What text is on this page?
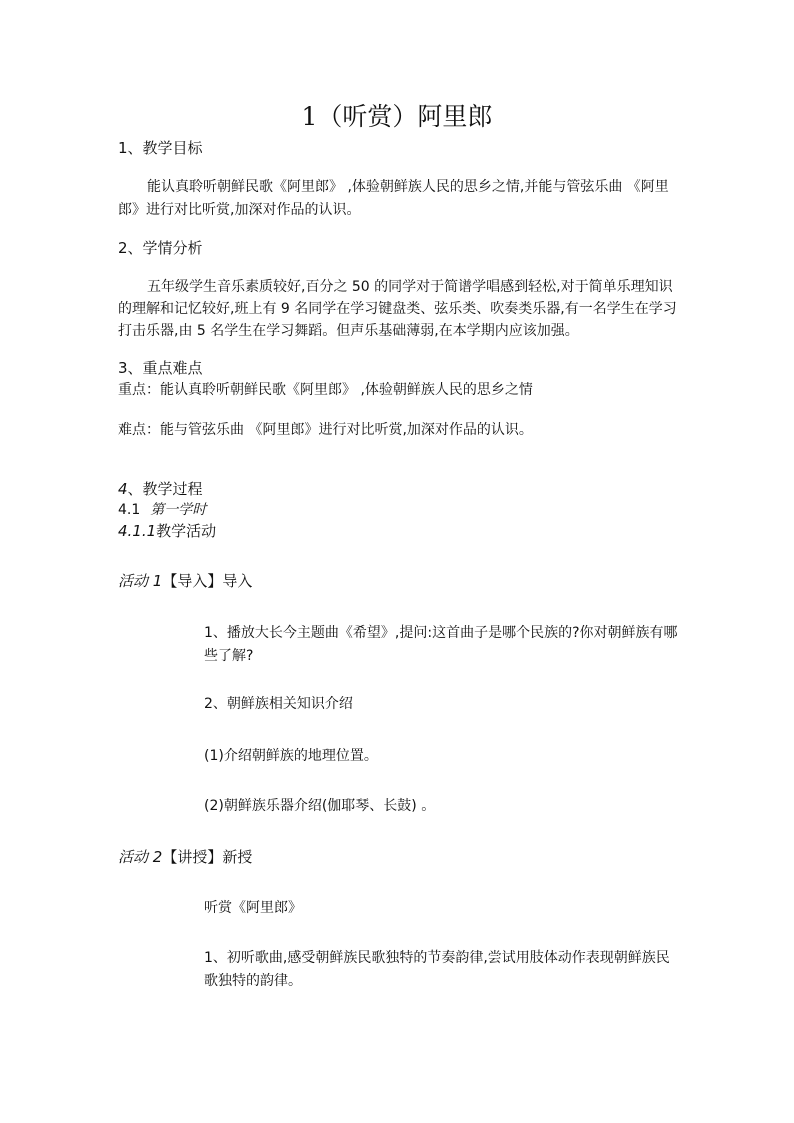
1（听赏）阿里郎
1、教学目标
能认真聆听朝鲜民歌《阿里郎》 ,体验朝鲜族人民的思乡之情,并能与管弦乐曲 《阿里
郎》进行对比听赏,加深对作品的认识。
2、学情分析
五年级学生音乐素质较好,百分之 50 的同学对于简谱学唱感到轻松,对于简单乐理知识
的理解和记忆较好,班上有 9 名同学在学习键盘类、弦乐类、吹奏类乐器,有一名学生在学习
打击乐器,由 5 名学生在学习舞蹈。但声乐基础薄弱,在本学期内应该加强。
3、重点难点
重点：能认真聆听朝鲜民歌《阿里郎》 ,体验朝鲜族人民的思乡之情
难点：能与管弦乐曲 《阿里郎》进行对比听赏,加深对作品的认识。
4、教学过程
4.1 第一学时
4.1.1教学活动
活动 1【导入】导入
1、播放大长今主题曲《希望》,提问:这首曲子是哪个民族的?你对朝鲜族有哪
些了解?
2、朝鲜族相关知识介绍
(1)介绍朝鲜族的地理位置。
(2)朝鲜族乐器介绍(伽耶琴、长鼓) 。
活动 2【讲授】新授
听赏《阿里郎》
1、初听歌曲,感受朝鲜族民歌独特的节奏韵律,尝试用肢体动作表现朝鲜族民
歌独特的韵律。
